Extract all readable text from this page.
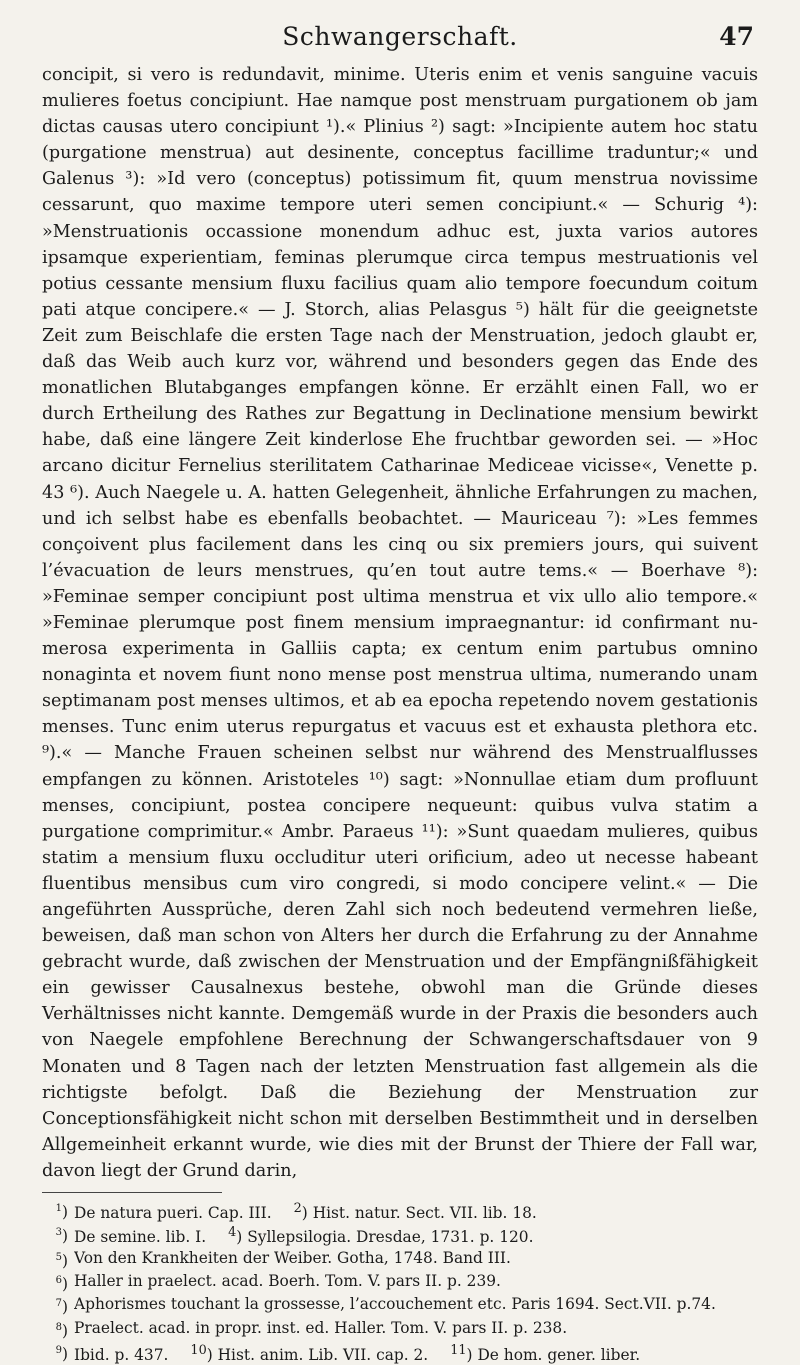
Schwangerschaft.	47

concipit, si vero is redundavit, minime. Uteris enim et venis sanguine vacuis mulieres foetus concipiunt. Hae namque post menstruam purgationem ob jam dictas causas utero concipiunt ¹).« Plinius ²) sagt: »Incipiente autem hoc statu (purgatione menstrua) aut desinente, conceptus facillime traduntur;« und Galenus ³): »Id vero (conceptus) potissimum fit, quum menstrua novissime cessarunt, quo maxime tempore uteri semen concipiunt.« — Schurig ⁴): »Menstruationis occassione monendum adhuc est, juxta varios autores ipsamque experientiam, feminas plerumque circa tempus mestruationis vel potius cessante mensium fluxu facilius quam alio tempore foecundum coitum pati atque concipere.« — J. Storch, alias Pelasgus ⁵) hält für die geeignetste Zeit zum Beischlafe die ersten Tage nach der Menstruation, jedoch glaubt er, daß das Weib auch kurz vor, während und besonders gegen das Ende des monatlichen Blutabganges empfangen könne. Er erzählt einen Fall, wo er durch Ertheilung des Rathes zur Begattung in Declinatione mensium bewirkt habe, daß eine längere Zeit kinderlose Ehe fruchtbar geworden sei. — »Hoc arcano dicitur Fernelius sterilitatem Catharinae Mediceae vicisse«, Venette p. 43 ⁶). Auch Naegele u. A. hatten Gelegenheit, ähnliche Erfahrungen zu machen, und ich selbst habe es ebenfalls beobachtet. — Mauriceau ⁷): »Les femmes conçoivent plus facilement dans les cinq ou six premiers jours, qui suivent l’évacuation de leurs menstrues, qu’en tout autre tems.« — Boerhave ⁸): »Feminae semper concipiunt post ultima menstrua et vix ullo alio tempore.« »Feminae plerumque post finem mensium impraegnantur: id confirmant numerosa experimenta in Galliis capta; ex centum enim partubus omnino nonaginta et novem fiunt nono mense post menstrua ultima, numerando unam septimanam post menses ultimos, et ab ea epocha repetendo novem gestationis menses. Tunc enim uterus repurgatus et vacuus est et exhausta plethora etc. ⁹).« — Manche Frauen scheinen selbst nur während des Menstrualflusses empfangen zu können. Aristoteles ¹⁰) sagt: »Nonnullae etiam dum profluunt menses, concipiunt, postea concipere nequeunt: quibus vulva statim a purgatione comprimitur.« Ambr. Paraeus ¹¹): »Sunt quaedam mulieres, quibus statim a mensium fluxu occluditur uteri orificium, adeo ut necesse habeant fluentibus mensibus cum viro congredi, si modo concipere velint.« — Die angeführten Aussprüche, deren Zahl sich noch bedeutend vermehren ließe, beweisen, daß man schon von Alters her durch die Erfahrung zu der Annahme gebracht wurde, daß zwischen der Menstruation und der Empfängnißfähigkeit ein gewisser Causalnexus bestehe, obwohl man die Gründe dieses Verhältnisses nicht kannte. Demgemäß wurde in der Praxis die besonders auch von Naegele empfohlene Berechnung der Schwangerschaftsdauer von 9 Monaten und 8 Tagen nach der letzten Menstruation fast allgemein als die richtigste befolgt. Daß die Beziehung der Menstruation zur Conceptionsfähigkeit nicht schon mit derselben Bestimmtheit und in derselben Allgemeinheit erkannt wurde, wie dies mit der Brunst der Thiere der Fall war, davon liegt der Grund darin,

$^1$) De natura pueri. Cap. III. $^2$) Hist. natur. Sect. VII. lib. 18.
$^3$) De semine. lib. I. $^4$) Syllepsilogia. Dresdae, 1731. p. 120.
$^5$) Von den Krankheiten der Weiber. Gotha, 1748. Band III.
$^6$) Haller in praelect. acad. Boerh. Tom. V. pars II. p. 239.
$^7$) Aphorismes touchant la grossesse, l’accouchement etc. Paris 1694. Sect.VII. p.74.
$^8$) Praelect. acad. in propr. inst. ed. Haller. Tom. V. pars II. p. 238.
$^9$) Ibid. p. 437. $^{10}$) Hist. anim. Lib. VII. cap. 2. $^{11}$) De hom. gener. liber.
